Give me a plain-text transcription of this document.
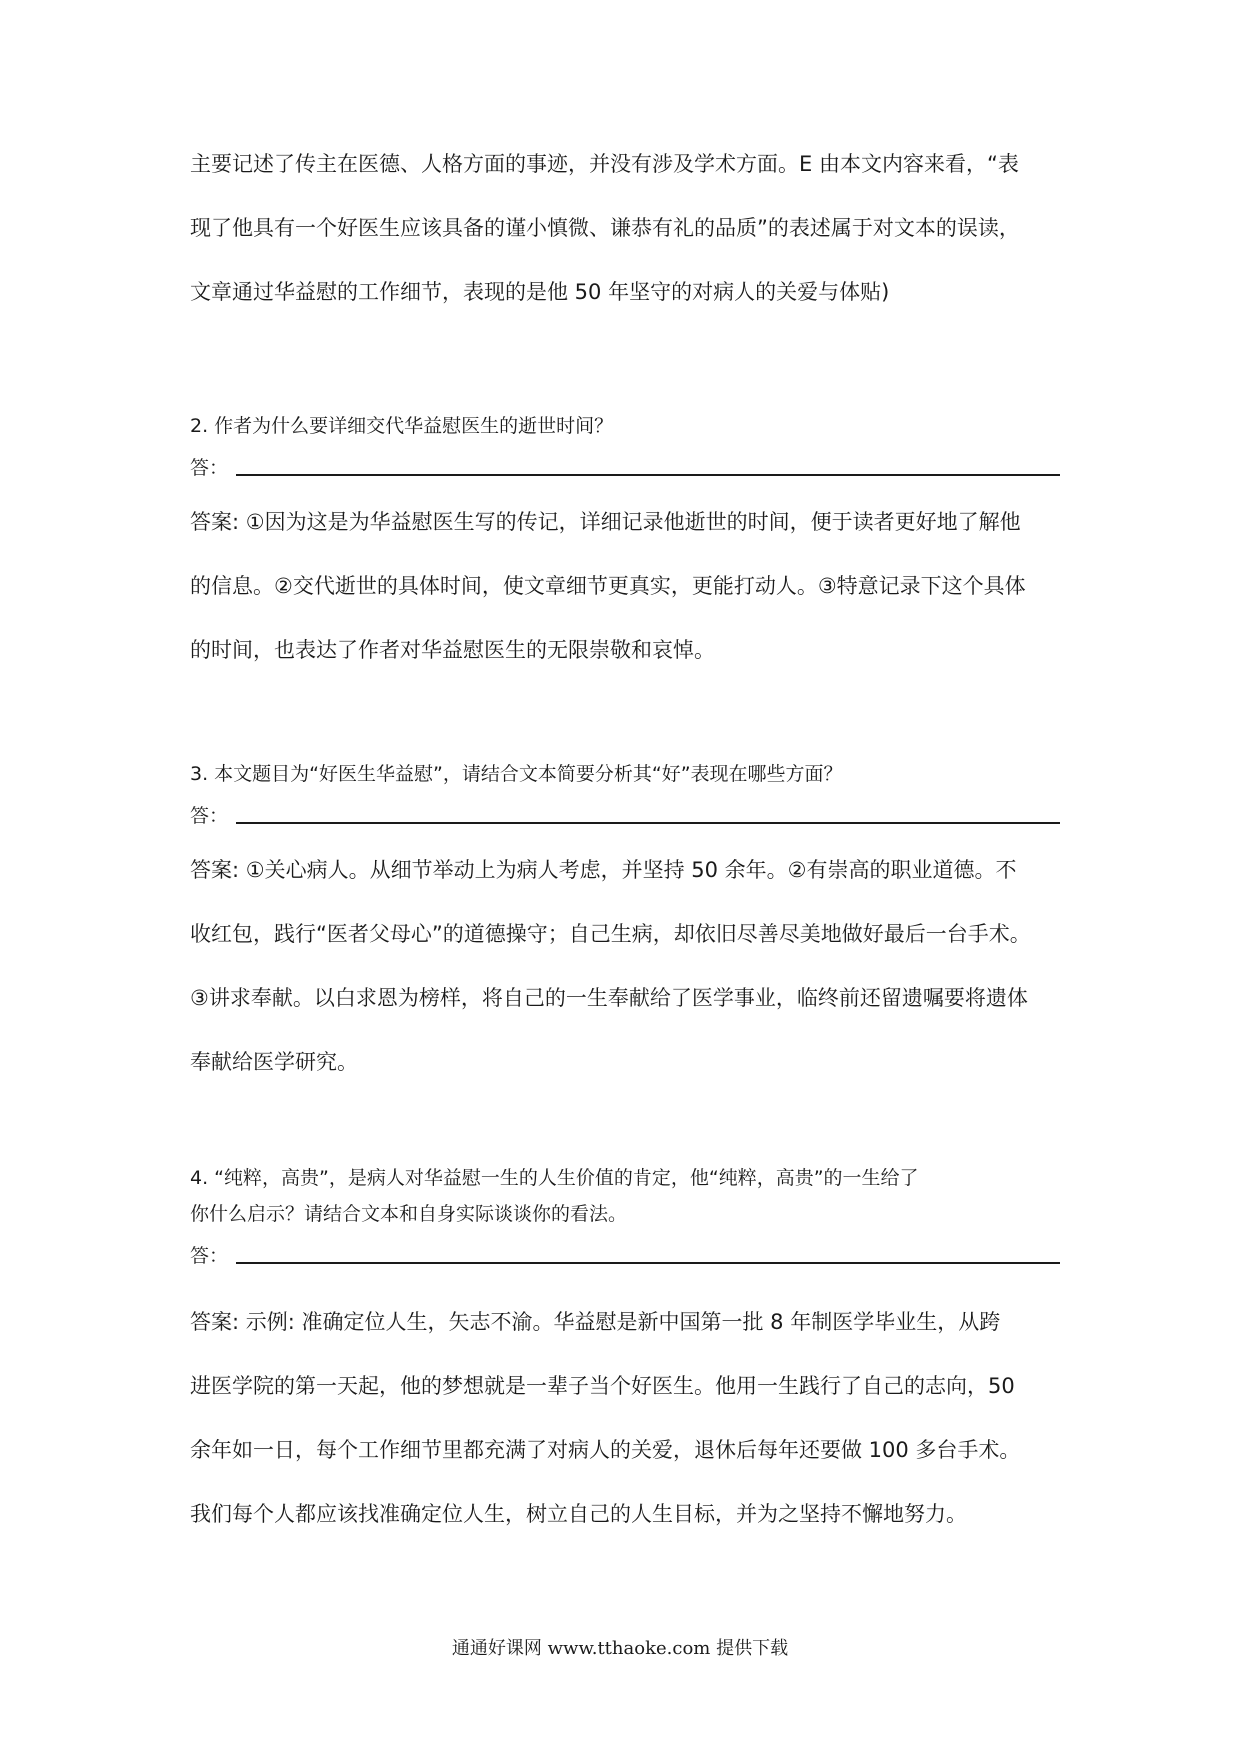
主要记述了传主在医德、人格方面的事迹，并没有涉及学术方面。E 由本文内容来看，“表
现了他具有一个好医生应该具备的谨小慎微、谦恭有礼的品质”的表述属于对文本的误读，
文章通过华益慰的工作细节，表现的是他 50 年坚守的对病人的关爱与体贴)
2. 作者为什么要详细交代华益慰医生的逝世时间？
答：
答案: ①因为这是为华益慰医生写的传记，详细记录他逝世的时间，便于读者更好地了解他
的信息。②交代逝世的具体时间，使文章细节更真实，更能打动人。③特意记录下这个具体
的时间，也表达了作者对华益慰医生的无限崇敬和哀悼。
3. 本文题目为“好医生华益慰”，请结合文本简要分析其“好”表现在哪些方面？
答：
答案: ①关心病人。从细节举动上为病人考虑，并坚持 50 余年。②有崇高的职业道德。不
收红包，践行“医者父母心”的道德操守；自己生病，却依旧尽善尽美地做好最后一台手术。
③讲求奉献。以白求恩为榜样，将自己的一生奉献给了医学事业，临终前还留遗嘱要将遗体
奉献给医学研究。
4. “纯粹，高贵”，是病人对华益慰一生的人生价值的肯定，他“纯粹，高贵”的一生给了
你什么启示？请结合文本和自身实际谈谈你的看法。
答：
答案: 示例: 准确定位人生，矢志不渝。华益慰是新中国第一批 8 年制医学毕业生，从跨
进医学院的第一天起，他的梦想就是一辈子当个好医生。他用一生践行了自己的志向，50
余年如一日，每个工作细节里都充满了对病人的关爱，退休后每年还要做 100 多台手术。
我们每个人都应该找准确定位人生，树立自己的人生目标，并为之坚持不懈地努力。
通通好课网 www.tthaoke.com 提供下载
